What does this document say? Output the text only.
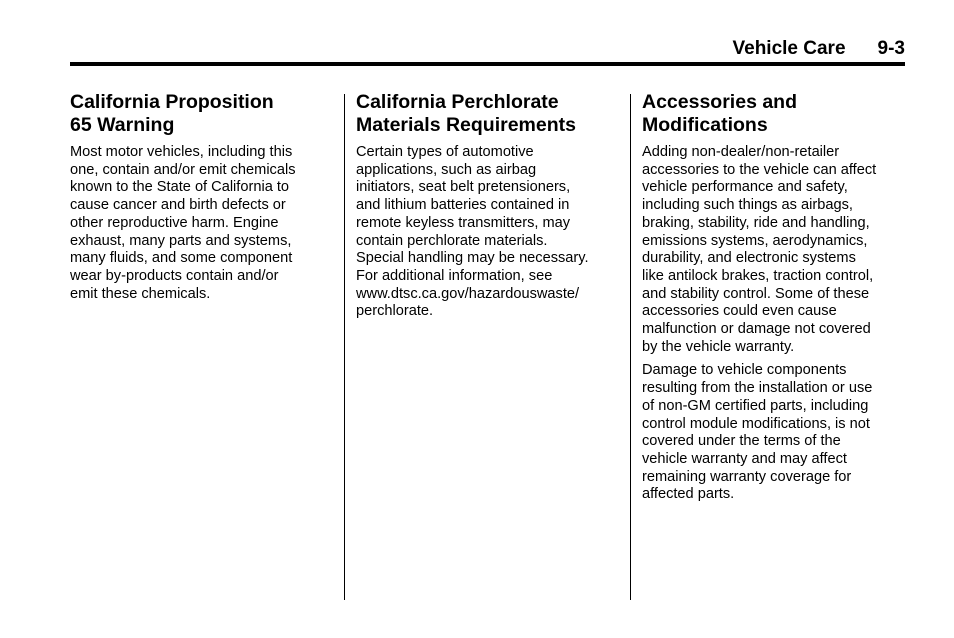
Vehicle Care 9-3
California Proposition
65 Warning

Most motor vehicles, including this
one, contain and/or emit chemicals
known to the State of California to
cause cancer and birth defects or
other reproductive harm. Engine
exhaust, many parts and systems,
many fluids, and some component
wear by-products contain and/or
emit these chemicals.

California Perchlorate
Materials Requirements

Certain types of automotive
applications, such as airbag
initiators, seat belt pretensioners,
and lithium batteries contained in
remote keyless transmitters, may
contain perchlorate materials.
Special handling may be necessary.
For additional information, see
www.dtsc.ca.gov/hazardouswaste/
perchlorate.

Accessories and
Modifications

Adding non-dealer/non-retailer
accessories to the vehicle can affect
vehicle performance and safety,
including such things as airbags,
braking, stability, ride and handling,
emissions systems, aerodynamics,
durability, and electronic systems
like antilock brakes, traction control,
and stability control. Some of these
accessories could even cause
malfunction or damage not covered
by the vehicle warranty.

Damage to vehicle components
resulting from the installation or use
of non-GM certified parts, including
control module modifications, is not
covered under the terms of the
vehicle warranty and may affect
remaining warranty coverage for
affected parts.
